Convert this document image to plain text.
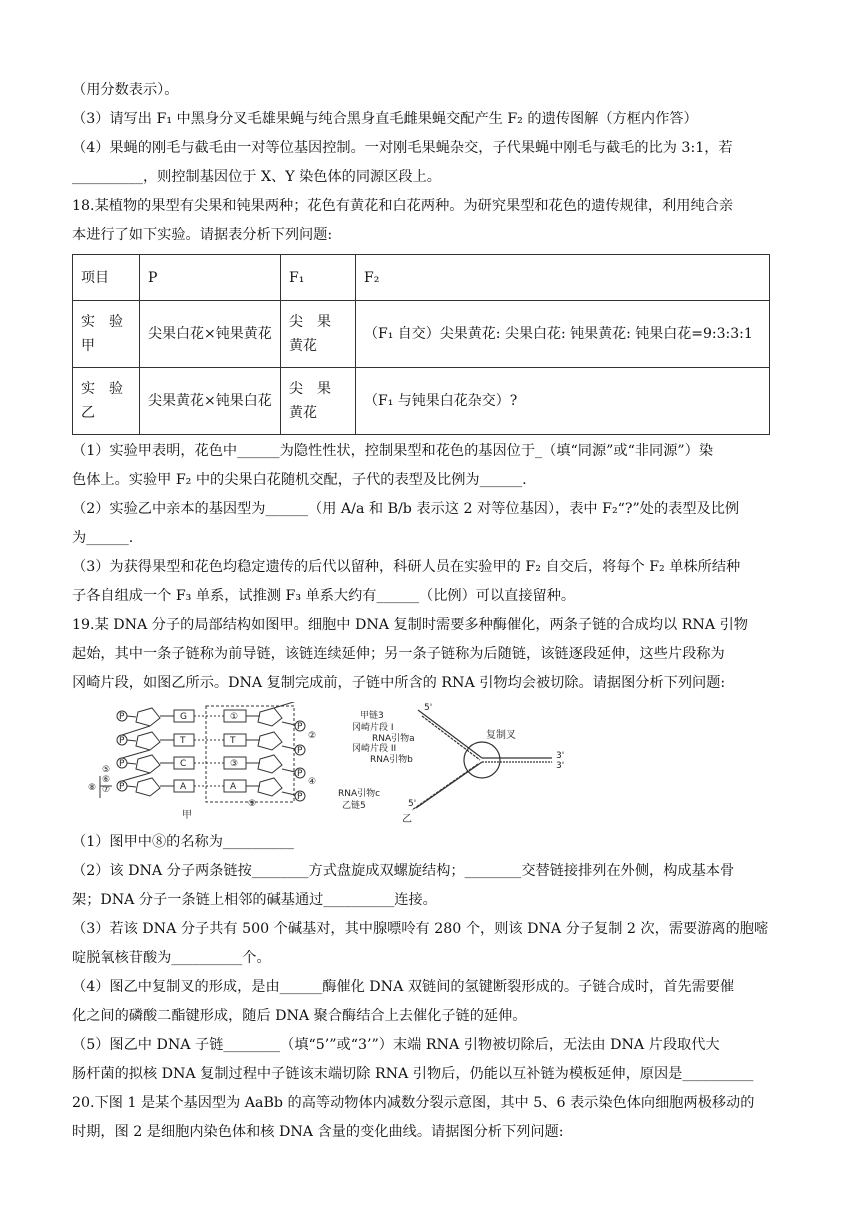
（用分数表示）。
（3）请写出 F₁ 中黑身分叉毛雄果蝇与纯合黑身直毛雌果蝇交配产生 F₂ 的遗传图解（方框内作答）
（4）果蝇的刚毛与截毛由一对等位基因控制。一对刚毛果蝇杂交，子代果蝇中刚毛与截毛的比为 3:1，若
__________，则控制基因位于 X、Y 染色体的同源区段上。
18.某植物的果型有尖果和钝果两种；花色有黄花和白花两种。为研究果型和花色的遗传规律，利用纯合亲
本进行了如下实验。请据表分析下列问题:
项目	P	F₁	F₂
实　验甲	尖果白花×钝果黄花	尖　果　黄花	（F₁ 自交）尖果黄花: 尖果白花: 钝果黄花: 钝果白花=9:3:3:1
实　验乙	尖果黄花×钝果白花	尖　果　黄花	（F₁ 与钝果白花杂交）?
（1）实验甲表明，花色中______为隐性性状，控制果型和花色的基因位于_（填“同源”或“非同源”）染
色体上。实验甲 F₂ 中的尖果白花随机交配，子代的表型及比例为______.
（2）实验乙中亲本的基因型为______（用 A/a 和 B/b 表示这 2 对等位基因），表中 F₂“?”处的表型及比例
为______.
（3）为获得果型和花色均稳定遗传的后代以留种，科研人员在实验甲的 F₂ 自交后，将每个 F₂ 单株所结种
子各自组成一个 F₃ 单系，试推测 F₃ 单系大约有______（比例）可以直接留种。
19.某 DNA 分子的局部结构如图甲。细胞中 DNA 复制时需要多种酶催化，两条子链的合成均以 RNA 引物
起始，其中一条子链称为前导链，该链连续延伸；另一条子链称为后随链，该链逐段延伸，这些片段称为
冈崎片段，如图乙所示。DNA 复制完成前，子链中所含的 RNA 引物均会被切除。请据图分析下列问题:
P
P
P
P
P
P
P
P
G
T
C
A
①
T
③
A
⑤
⑥
⑦
⑧
②
④
⑨
甲
甲链3
5'
冈崎片段 I
RNA引物a
冈崎片段 II
RNA引物b
复制叉
3'
3'
RNA引物c
乙链5	5'
乙
（1）图甲中⑧的名称为__________
（2）该 DNA 分子两条链按________方式盘旋成双螺旋结构；________交替链接排列在外侧，构成基本骨
架；DNA 分子一条链上相邻的碱基通过__________连接。
（3）若该 DNA 分子共有 500 个碱基对，其中腺嘌呤有 280 个，则该 DNA 分子复制 2 次，需要游离的胞嘧
啶脱氧核苷酸为__________个。
（4）图乙中复制叉的形成，是由______酶催化 DNA 双链间的氢键断裂形成的。子链合成时，首先需要催
化之间的磷酸二酯键形成，随后 DNA 聚合酶结合上去催化子链的延伸。
（5）图乙中 DNA 子链________（填“5’”或“3’”）末端 RNA 引物被切除后，无法由 DNA 片段取代大
肠杆菌的拟核 DNA 复制过程中子链该末端切除 RNA 引物后，仍能以互补链为模板延伸，原因是__________
20.下图 1 是某个基因型为 AaBb 的高等动物体内减数分裂示意图，其中 5、6 表示染色体向细胞两极移动的
时期，图 2 是细胞内染色体和核 DNA 含量的变化曲线。请据图分析下列问题:
